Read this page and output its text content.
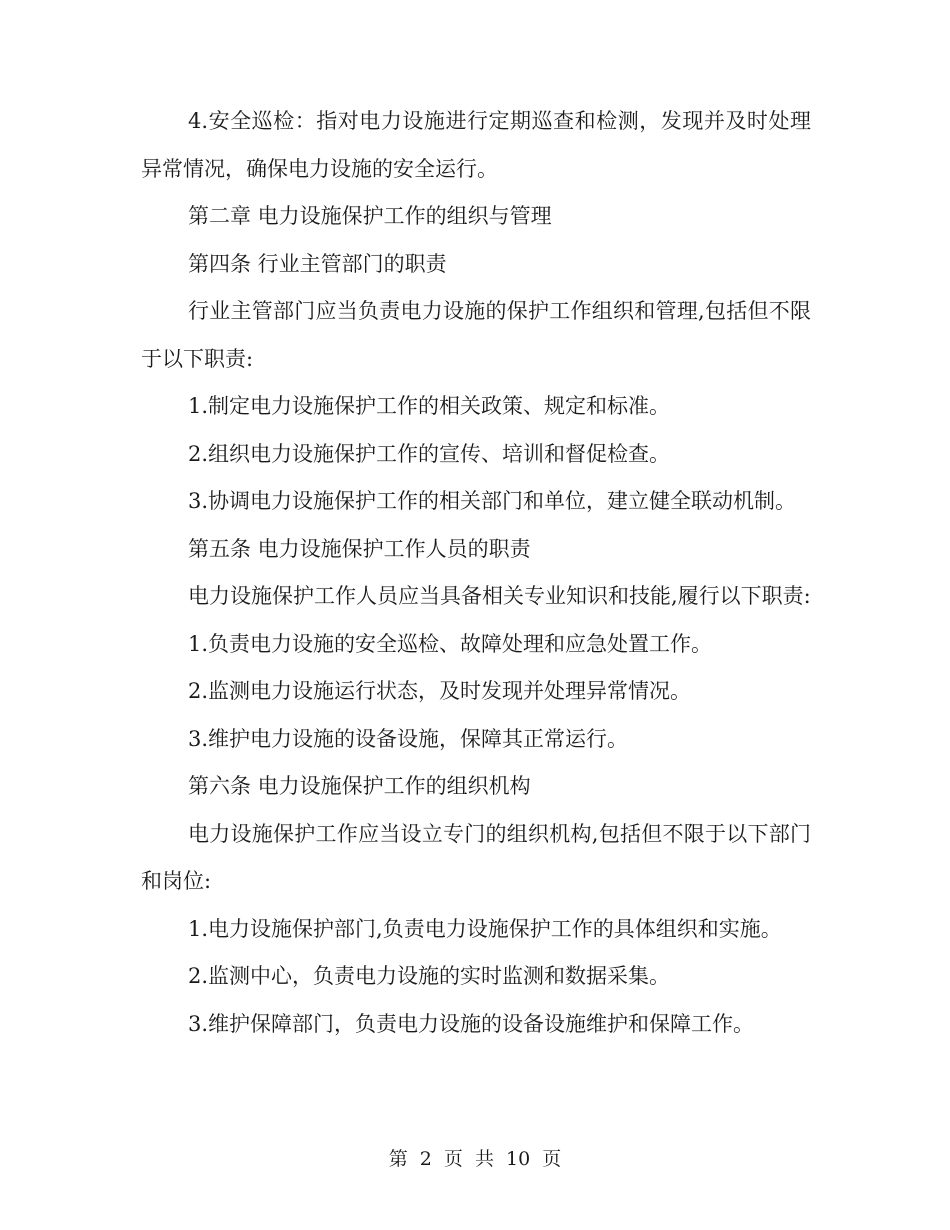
4.安全巡检：指对电力设施进行定期巡查和检测，发现并及时处理异常情况，确保电力设施的安全运行。

第二章 电力设施保护工作的组织与管理

第四条 行业主管部门的职责

行业主管部门应当负责电力设施的保护工作组织和管理,包括但不限于以下职责:

1.制定电力设施保护工作的相关政策、规定和标准。

2.组织电力设施保护工作的宣传、培训和督促检查。

3.协调电力设施保护工作的相关部门和单位，建立健全联动机制。

第五条 电力设施保护工作人员的职责

电力设施保护工作人员应当具备相关专业知识和技能,履行以下职责:

1.负责电力设施的安全巡检、故障处理和应急处置工作。

2.监测电力设施运行状态，及时发现并处理异常情况。

3.维护电力设施的设备设施，保障其正常运行。

第六条 电力设施保护工作的组织机构

电力设施保护工作应当设立专门的组织机构,包括但不限于以下部门和岗位:

1.电力设施保护部门,负责电力设施保护工作的具体组织和实施。

2.监测中心，负责电力设施的实时监测和数据采集。

3.维护保障部门，负责电力设施的设备设施维护和保障工作。

第 2 页 共 10 页
